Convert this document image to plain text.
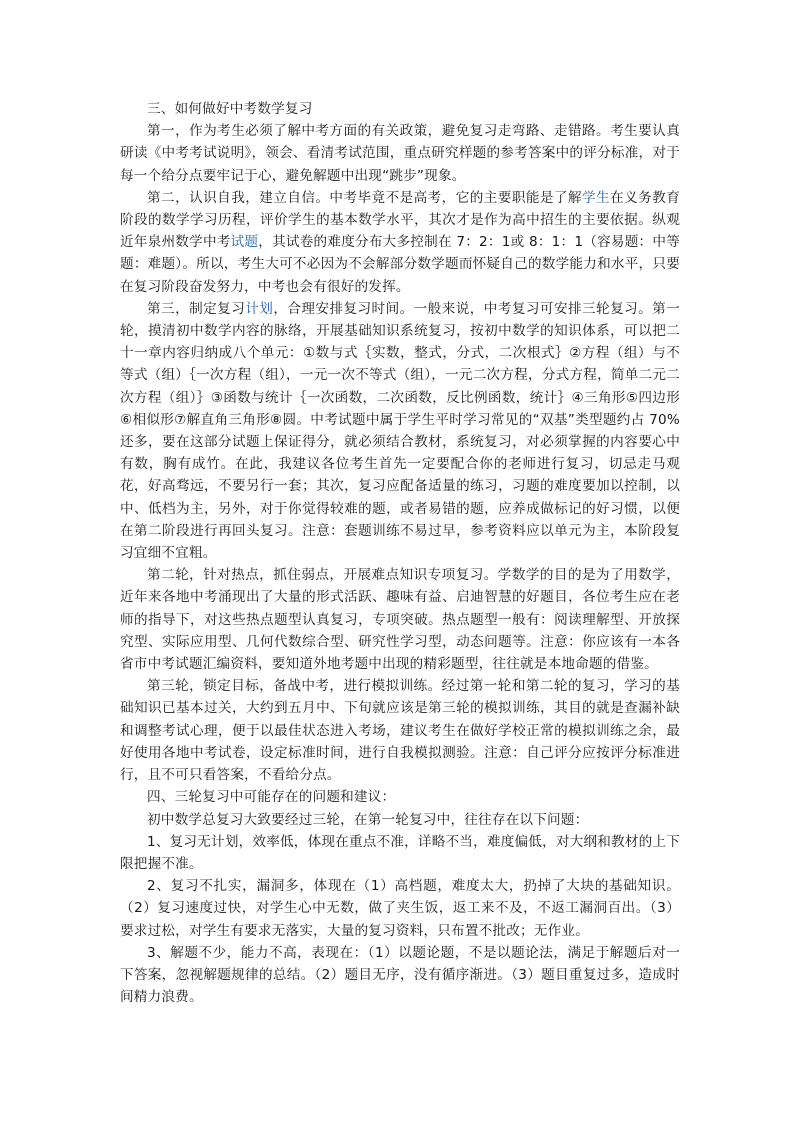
三、如何做好中考数学复习

第一，作为考生必须了解中考方面的有关政策，避免复习走弯路、走错路。考生要认真研读《中考考试说明》，领会、看清考试范围，重点研究样题的参考答案中的评分标准，对于每一个给分点要牢记于心，避免解题中出现“跳步”现象。

第二，认识自我，建立自信。中考毕竟不是高考，它的主要职能是了解学生在义务教育阶段的数学学习历程，评价学生的基本数学水平，其次才是作为高中招生的主要依据。纵观近年泉州数学中考试题，其试卷的难度分布大多控制在 7：2：1或 8：1：1（容易题：中等题：难题）。所以，考生大可不必因为不会解部分数学题而怀疑自己的数学能力和水平，只要在复习阶段奋发努力，中考也会有很好的发挥。

第三，制定复习计划，合理安排复习时间。一般来说，中考复习可安排三轮复习。第一轮，摸清初中数学内容的脉络，开展基础知识系统复习，按初中数学的知识体系，可以把二十一章内容归纳成八个单元：①数与式｛实数，整式，分式，二次根式｝②方程（组）与不等式（组）｛一次方程（组），一元一次不等式（组），一元二次方程，分式方程，简单二元二次方程（组）｝③函数与统计｛一次函数，二次函数，反比例函数，统计｝④三角形⑤四边形⑥相似形⑦解直角三角形⑧圆。中考试题中属于学生平时学习常见的“双基”类型题约占 70%还多，要在这部分试题上保证得分，就必须结合教材，系统复习，对必须掌握的内容要心中有数，胸有成竹。在此，我建议各位考生首先一定要配合你的老师进行复习，切忌走马观花，好高骛远，不要另行一套；其次，复习应配备适量的练习，习题的难度要加以控制，以中、低档为主，另外，对于你觉得较难的题，或者易错的题，应养成做标记的好习惯，以便在第二阶段进行再回头复习。注意：套题训练不易过早，参考资料应以单元为主，本阶段复习宜细不宜粗。

第二轮，针对热点，抓住弱点，开展难点知识专项复习。学数学的目的是为了用数学，近年来各地中考涌现出了大量的形式活跃、趣味有益、启迪智慧的好题目，各位考生应在老师的指导下，对这些热点题型认真复习，专项突破。热点题型一般有：阅读理解型、开放探究型、实际应用型、几何代数综合型、研究性学习型，动态问题等。注意：你应该有一本各省市中考试题汇编资料，要知道外地考题中出现的精彩题型，往往就是本地命题的借鉴。

第三轮，锁定目标，备战中考，进行模拟训练。经过第一轮和第二轮的复习，学习的基础知识已基本过关，大约到五月中、下旬就应该是第三轮的模拟训练，其目的就是查漏补缺和调整考试心理，便于以最佳状态进入考场，建议考生在做好学校正常的模拟训练之余，最好使用各地中考试卷，设定标准时间，进行自我模拟测验。注意：自己评分应按评分标准进行，且不可只看答案，不看给分点。

四、三轮复习中可能存在的问题和建议：

初中数学总复习大致要经过三轮，在第一轮复习中，往往存在以下问题：

1、复习无计划，效率低，体现在重点不准，详略不当，难度偏低，对大纲和教材的上下限把握不准。

2、复习不扎实，漏洞多，体现在（1）高档题，难度太大，扔掉了大块的基础知识。（2）复习速度过快，对学生心中无数，做了夹生饭，返工来不及，不返工漏洞百出。（3）要求过松，对学生有要求无落实，大量的复习资料，只布置不批改；无作业。

3、解题不少，能力不高，表现在：（1）以题论题，不是以题论法，满足于解题后对一下答案，忽视解题规律的总结。（2）题目无序，没有循序渐进。（3）题目重复过多，造成时间精力浪费。
